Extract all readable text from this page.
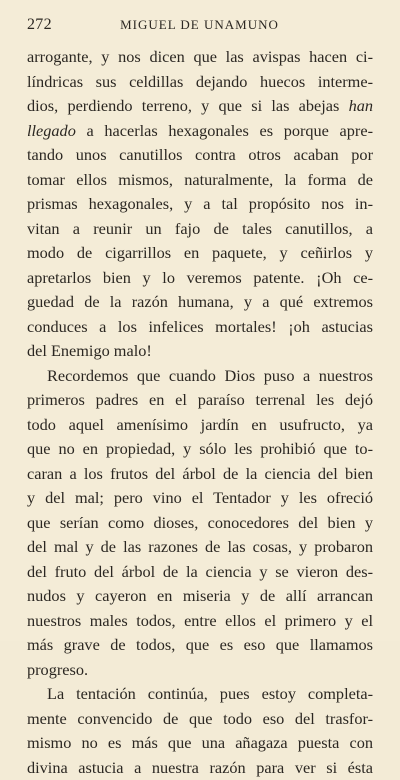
272	MIGUEL DE UNAMUNO
arrogante, y nos dicen que las avispas hacen ci-
líndricas sus celdillas dejando huecos interme-
dios, perdiendo terreno, y que si las abejas han
llegado a hacerlas hexagonales es porque apre-
tando unos canutillos contra otros acaban por
tomar ellos mismos, naturalmente, la forma de
prismas hexagonales, y a tal propósito nos in-
vitan a reunir un fajo de tales canutillos, a
modo de cigarrillos en paquete, y ceñirlos y
apretarlos bien y lo veremos patente. ¡Oh ce-
guedad de la razón humana, y a qué extremos
conduces a los infelices mortales! ¡oh astucias
del Enemigo malo!
Recordemos que cuando Dios puso a nuestros
primeros padres en el paraíso terrenal les dejó
todo aquel amenísimo jardín en usufructo, ya
que no en propiedad, y sólo les prohibió que to-
caran a los frutos del árbol de la ciencia del bien
y del mal; pero vino el Tentador y les ofreció
que serían como dioses, conocedores del bien y
del mal y de las razones de las cosas, y probaron
del fruto del árbol de la ciencia y se vieron des-
nudos y cayeron en miseria y de allí arrancan
nuestros males todos, entre ellos el primero y el
más grave de todos, que es eso que llamamos
progreso.
La tentación continúa, pues estoy completa-
mente convencido de que todo eso del trasfor-
mismo no es más que una añagaza puesta con
divina astucia a nuestra razón para ver si ésta
